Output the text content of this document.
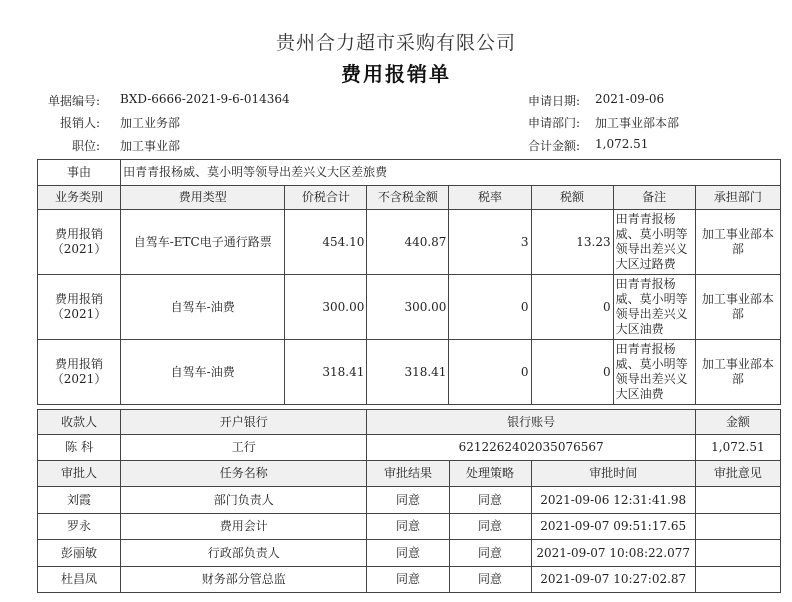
贵州合力超市采购有限公司
费用报销单
单据编号: BXD-6666-2021-9-6-014364
报销人: 加工业务部
职位: 加工事业部
申请日期: 2021-09-06
申请部门: 加工事业部本部
合计金额: 1,072.51
事由	田青青报杨威、莫小明等领导出差兴义大区差旅费						
业务类别	费用类型	价税合计	不含税金额	税率	税额	备注	承担部门
费用报销（2021）	自驾车-ETC电子通行路票	454.10	440.87	3	13.23	田青青报杨威、莫小明等领导出差兴义大区过路费	加工事业部本部
费用报销（2021）	自驾车-油费	300.00	300.00	0	0	田青青报杨威、莫小明等领导出差兴义大区油费	加工事业部本部
费用报销（2021）	自驾车-油费	318.41	318.41	0	0	田青青报杨威、莫小明等领导出差兴义大区油费	加工事业部本部
收款人	开户银行	银行账号			金额
陈 科	工行	6212262402035076567			1,072.51
审批人	任务名称	审批结果	处理策略	审批时间	审批意见
刘霞	部门负责人	同意	同意	2021-09-06 12:31:41.98	
罗永	费用会计	同意	同意	2021-09-07 09:51:17.65	
彭丽敏	行政部负责人	同意	同意	2021-09-07 10:08:22.077	
杜昌凤	财务部分管总监	同意	同意	2021-09-07 10:27:02.87	
